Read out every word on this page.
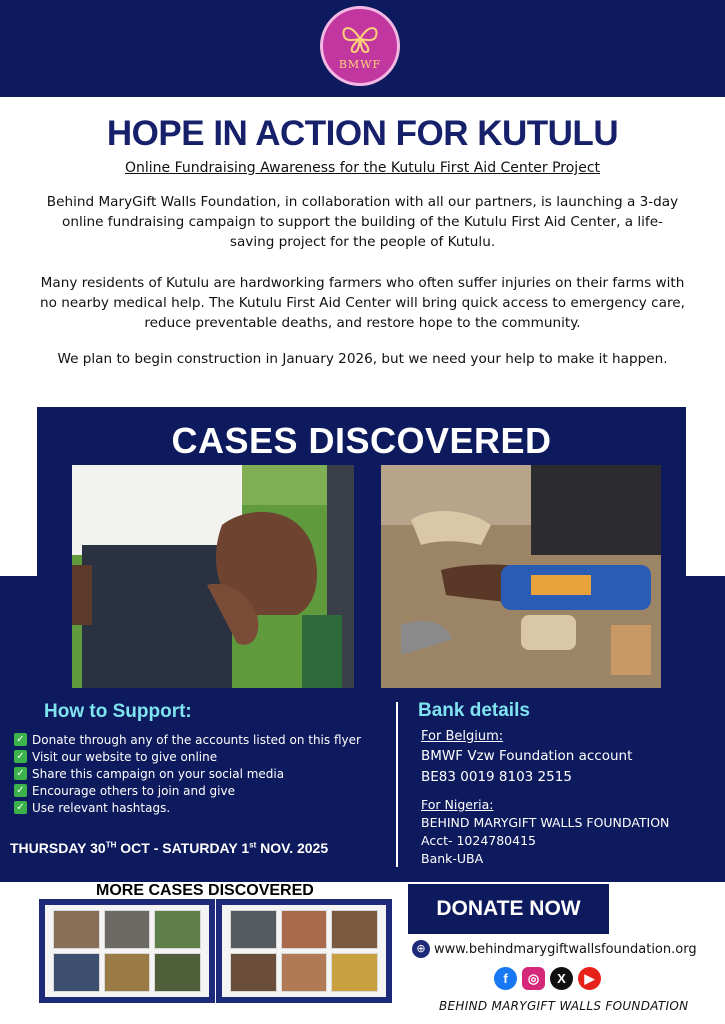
BMWF
HOPE IN ACTION FOR KUTULU
Online Fundraising Awareness for the Kutulu First Aid Center Project

Behind MaryGift Walls Foundation, in collaboration with all our partners, is launching a 3-day online fundraising campaign to support the building of the Kutulu First Aid Center, a life-saving project for the people of Kutulu.

Many residents of Kutulu are hardworking farmers who often suffer injuries on their farms with no nearby medical help. The Kutulu First Aid Center will bring quick access to emergency care, reduce preventable deaths, and restore hope to the community.

We plan to begin construction in January 2026, but we need your help to make it happen.

CASES DISCOVERED
How to Support:
✓ Donate through any of the accounts listed on this flyer
✓ Visit our website to give online
✓ Share this campaign on your social media
✓ Encourage others to join and give
✓ Use relevant hashtags.
THURSDAY 30TH OCT - SATURDAY 1st NOV. 2025
Bank details
For Belgium:
BMWF Vzw Foundation account
BE83 0019 8103 2515
For Nigeria:
BEHIND MARYGIFT WALLS FOUNDATION
Acct- 1024780415
Bank-UBA
MORE CASES DISCOVERED
DONATE NOW
⊕ www.behindmarygiftwallsfoundation.org
f	◎	X	▶
BEHIND MARYGIFT WALLS FOUNDATION
